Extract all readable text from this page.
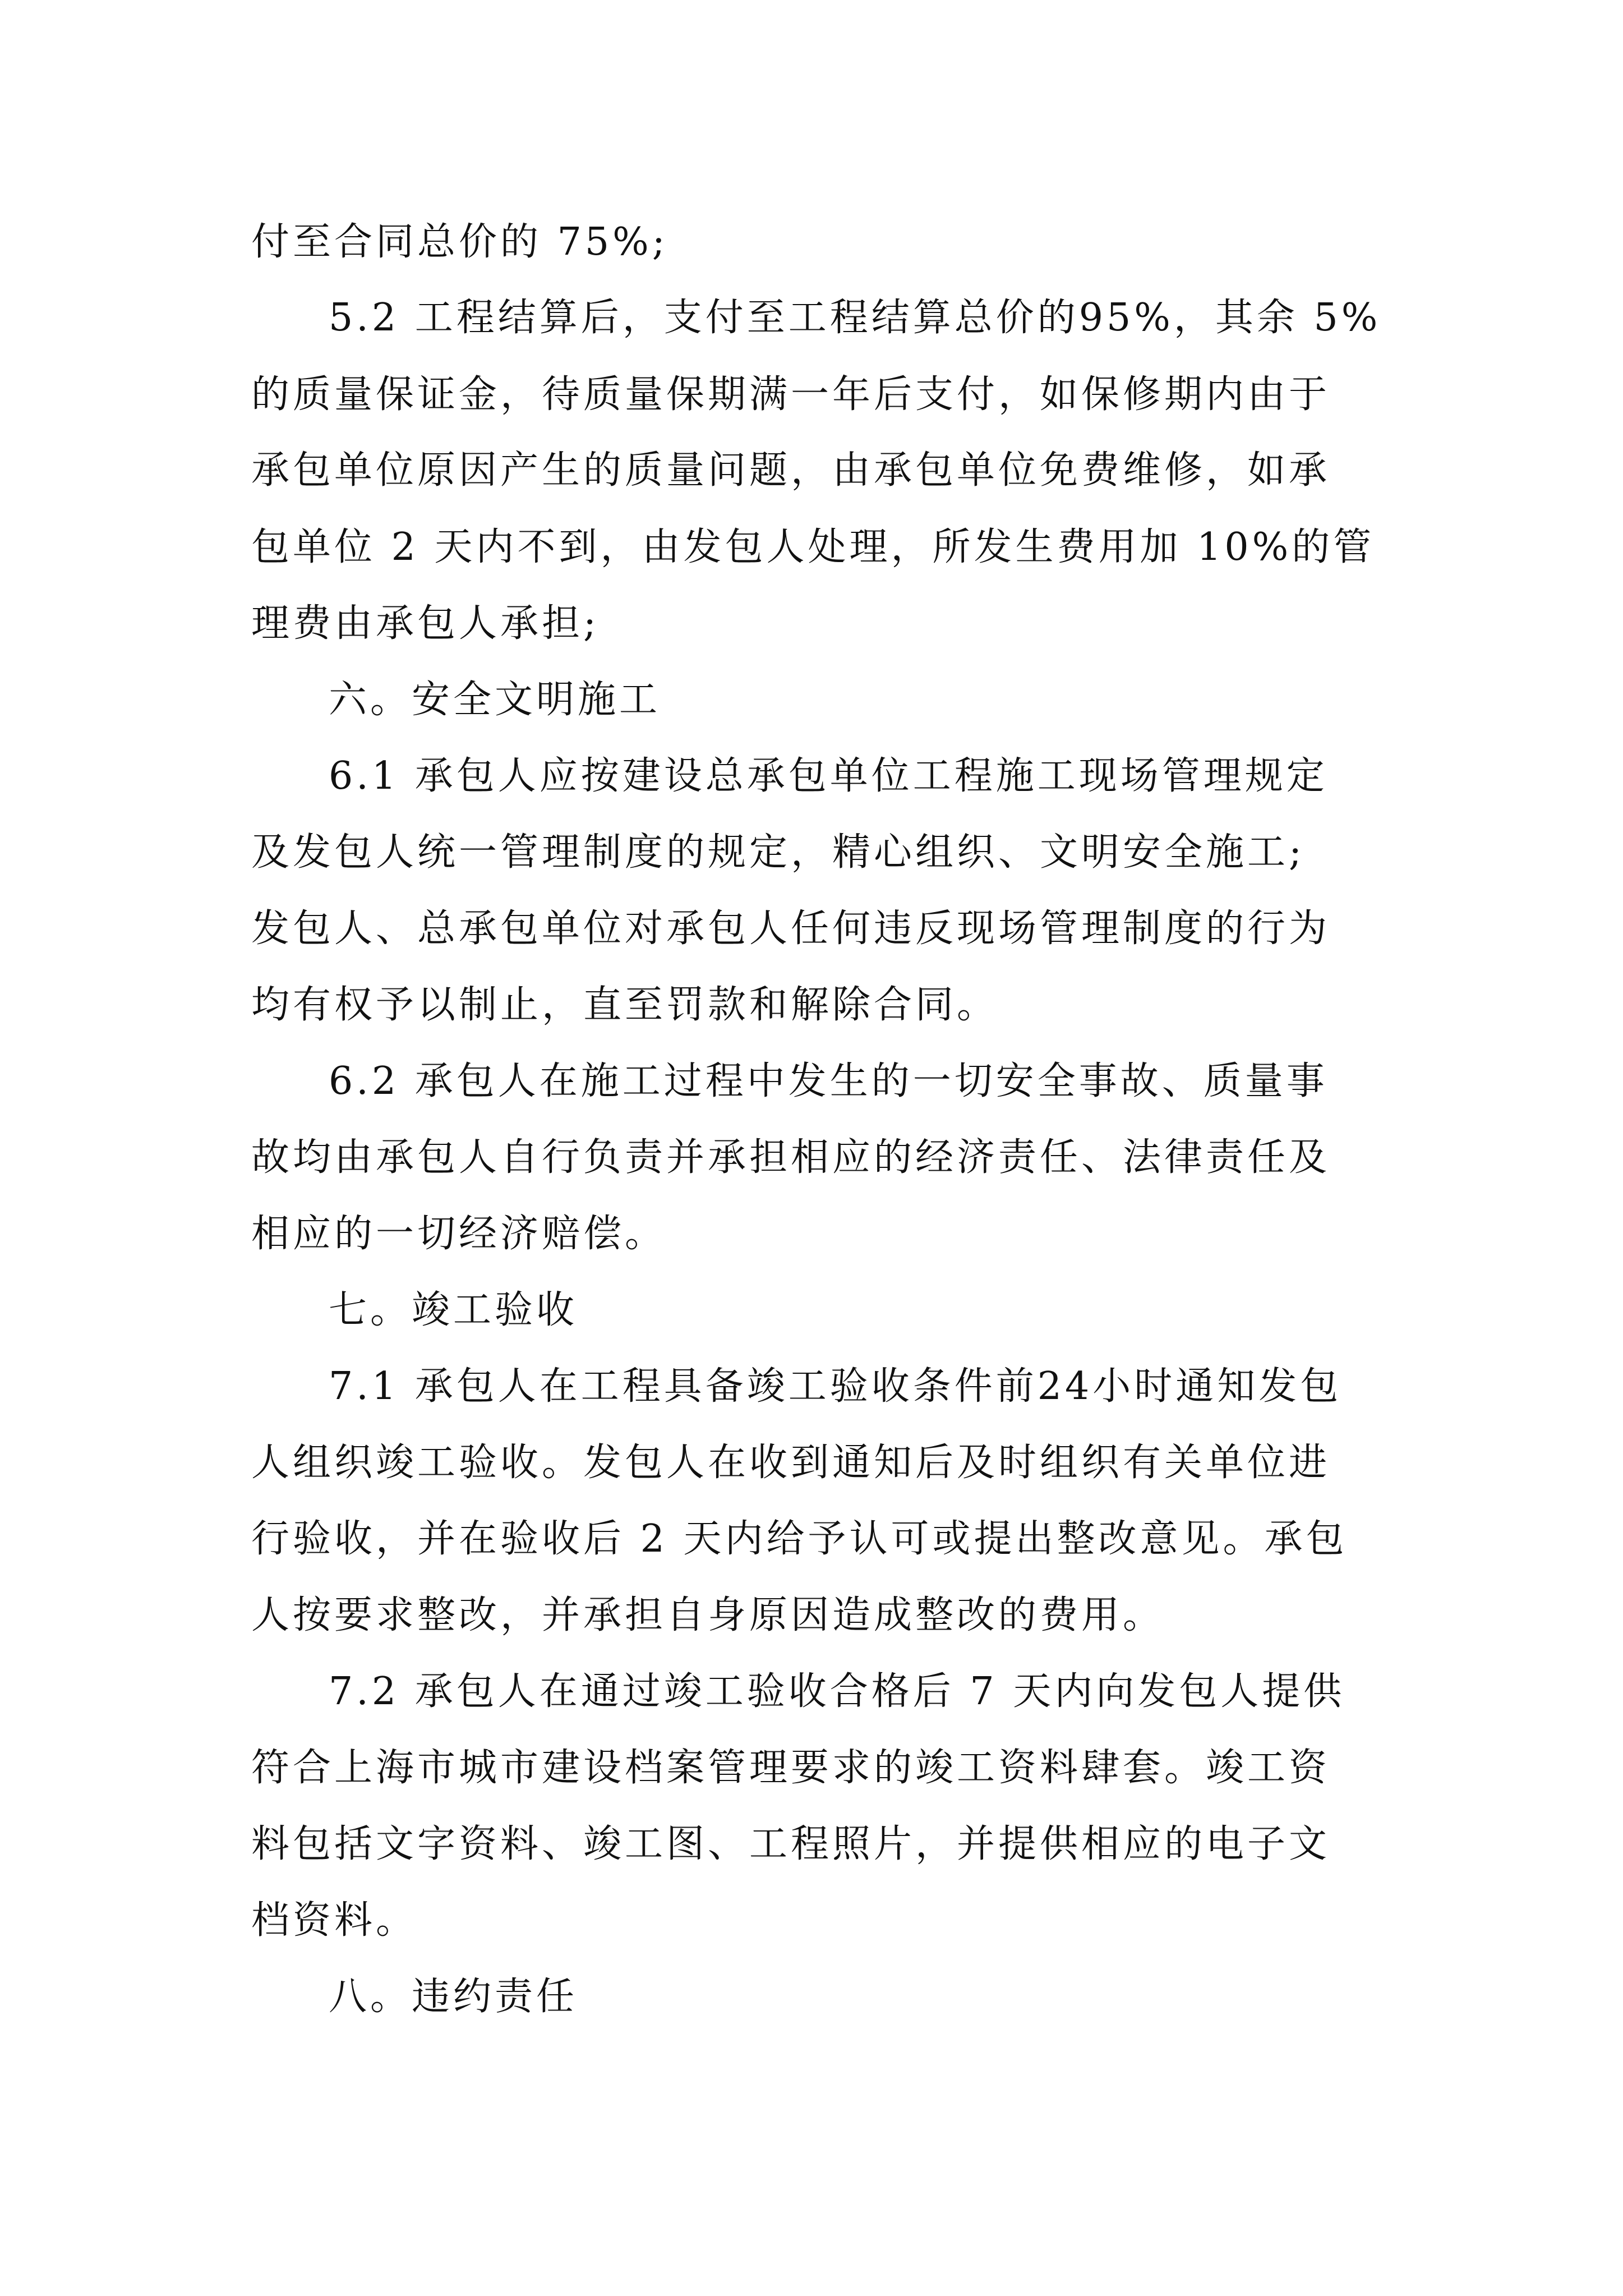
付至合同总价的 75%;

5.2 工程结算后，支付至工程结算总价的95%，其余 5%

的质量保证金，待质量保期满一年后支付，如保修期内由于

承包单位原因产生的质量问题，由承包单位免费维修，如承

包单位 2 天内不到，由发包人处理，所发生费用加 10%的管

理费由承包人承担;

六。安全文明施工

6.1 承包人应按建设总承包单位工程施工现场管理规定

及发包人统一管理制度的规定，精心组织、文明安全施工;

发包人、总承包单位对承包人任何违反现场管理制度的行为

均有权予以制止，直至罚款和解除合同。

6.2 承包人在施工过程中发生的一切安全事故、质量事

故均由承包人自行负责并承担相应的经济责任、法律责任及

相应的一切经济赔偿。

七。竣工验收

7.1 承包人在工程具备竣工验收条件前24小时通知发包

人组织竣工验收。发包人在收到通知后及时组织有关单位进

行验收，并在验收后 2 天内给予认可或提出整改意见。承包

人按要求整改，并承担自身原因造成整改的费用。

7.2 承包人在通过竣工验收合格后 7 天内向发包人提供

符合上海市城市建设档案管理要求的竣工资料肆套。竣工资

料包括文字资料、竣工图、工程照片，并提供相应的电子文

档资料。

八。违约责任
